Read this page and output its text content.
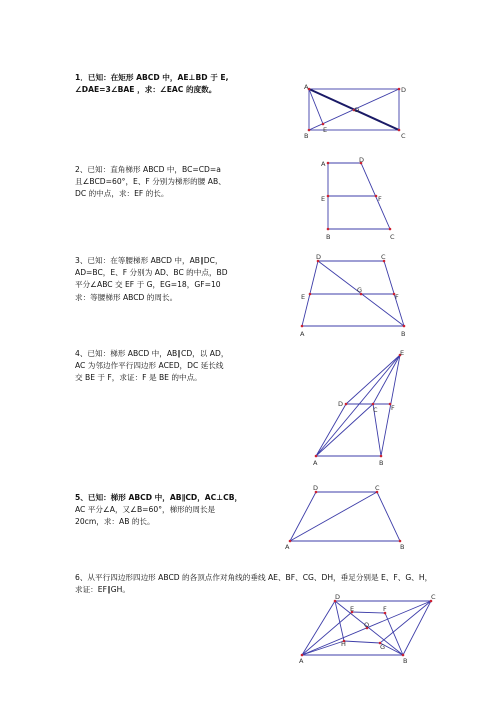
1．已知：在矩形 ABCD 中，AE⊥BD 于 E,

∠DAE=3∠BAE ，求：∠EAC 的度数。

2、已知：直角梯形 ABCD 中，BC=CD=a

且∠BCD=60°，E、F 分别为梯形的腰 AB、

DC 的中点，求：EF 的长。

3、已知：在等腰梯形 ABCD 中，AB∥DC，

AD=BC，E、F 分别为 AD、BC 的中点，BD

平分∠ABC 交 EF 于 G，EG=18，GF=10

求：等腰梯形 ABCD 的周长。

4、已知：梯形 ABCD 中，AB∥CD，以 AD，

AC 为邻边作平行四边形 ACED，DC 延长线

交 BE 于 F，求证：F 是 BE 的中点。

5、已知：梯形 ABCD 中，AB∥CD，AC⊥CB，

AC 平分∠A，又∠B=60°，梯形的周长是

20cm，求：AB 的长。

6、从平行四边形四边形 ABCD 的各顶点作对角线的垂线 AE、BF、CG、DH，垂足分别是 E、F、G、H，

求证：EF∥GH。

A	D
B	C
E
O
A	D
E	F
B	C
D	C
E
G
F
A	B
E
D
C F
A	B
D	C
A	B
D	C
F
E
O
G
H
A	B
